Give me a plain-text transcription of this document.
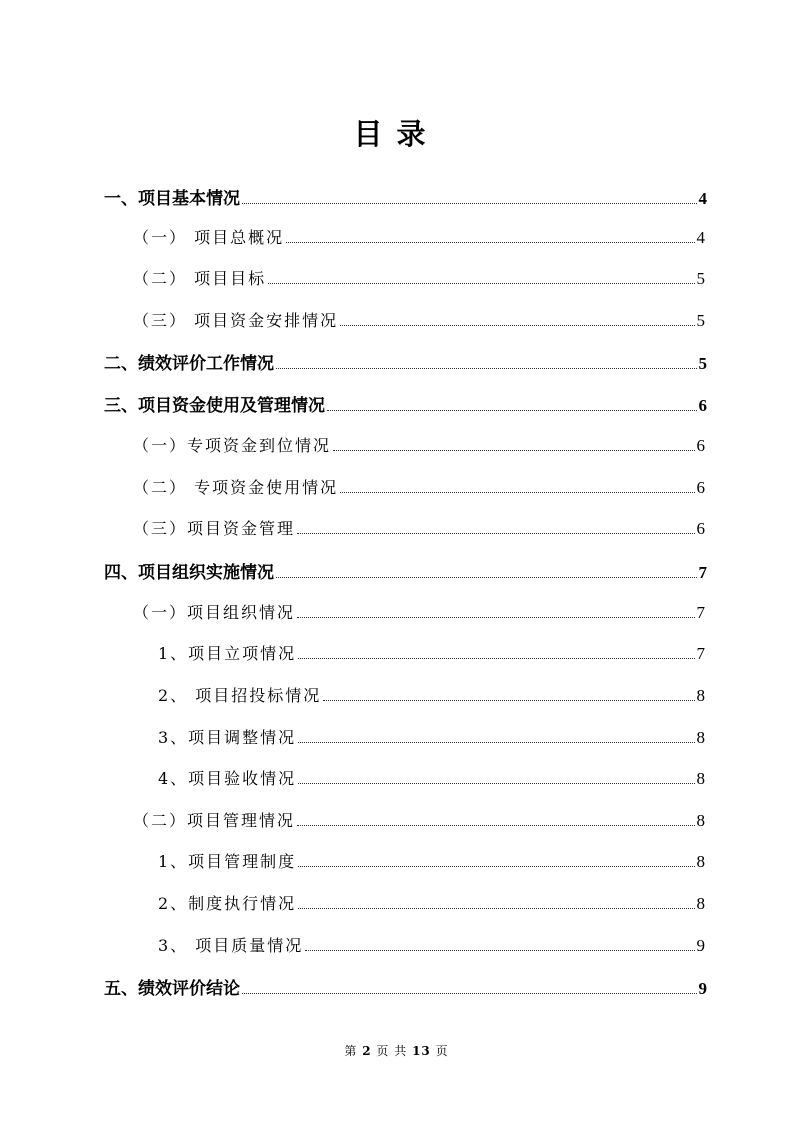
目录
一、项目基本情况	4
（一） 项目总概况	4
（二） 项目目标	5
（三） 项目资金安排情况	5
二、绩效评价工作情况	5
三、项目资金使用及管理情况	6
（一）专项资金到位情况	6
（二） 专项资金使用情况	6
（三）项目资金管理	6
四、项目组织实施情况	7
（一）项目组织情况	7
1、项目立项情况	7
2、 项目招投标情况	8
3、项目调整情况	8
4、项目验收情况	8
（二）项目管理情况	8
1、项目管理制度	8
2、制度执行情况	8
3、 项目质量情况	9
五、绩效评价结论	9
第 2 页 共 13 页
